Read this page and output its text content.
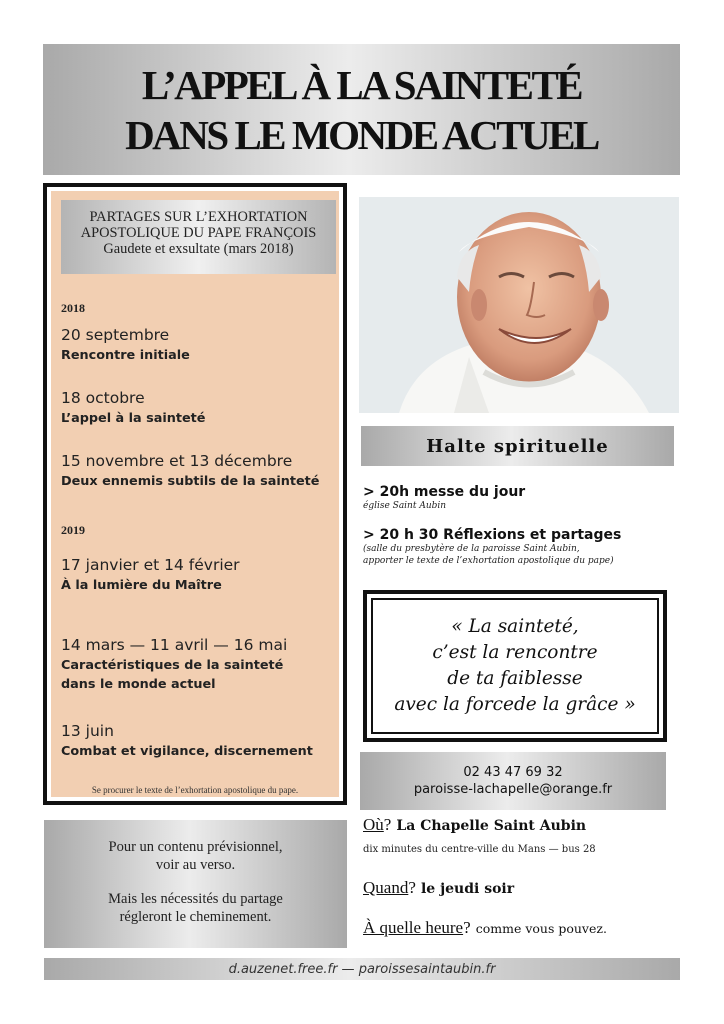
L’APPEL À LA SAINTETÉ
DANS LE MONDE ACTUEL
PARTAGES SUR L’EXHORTATION
APOSTOLIQUE DU PAPE FRANÇOIS
Gaudete et exsultate (mars 2018)
2018
20 septembre
Rencontre initiale
18 octobre
L’appel à la sainteté
15 novembre et 13 décembre
Deux ennemis subtils de la sainteté
2019
17 janvier et 14 février
À la lumière du Maître
14 mars — 11 avril — 16 mai
Caractéristiques de la sainteté
dans le monde actuel
13 juin
Combat et vigilance, discernement
Se procurer le texte de l’exhortation apostolique du pape.
Halte spirituelle
> 20h messe du jour
église Saint Aubin
> 20 h 30 Réflexions et partages
(salle du presbytère de la paroisse Saint Aubin,
apporter le texte de l’exhortation apostolique du pape)
« La sainteté,
c’est la rencontre
de ta faiblesse
avec la forcede la grâce »
02 43 47 69 32
paroisse-lachapelle@orange.fr
Pour un contenu prévisionnel,
voir au verso.
Mais les nécessités du partage
régleront le cheminement.
Où? La Chapelle Saint Aubin
dix minutes du centre-ville du Mans — bus 28
Quand? le jeudi soir
À quelle heure? comme vous pouvez.
d.auzenet.free.fr — paroissesaintaubin.fr
